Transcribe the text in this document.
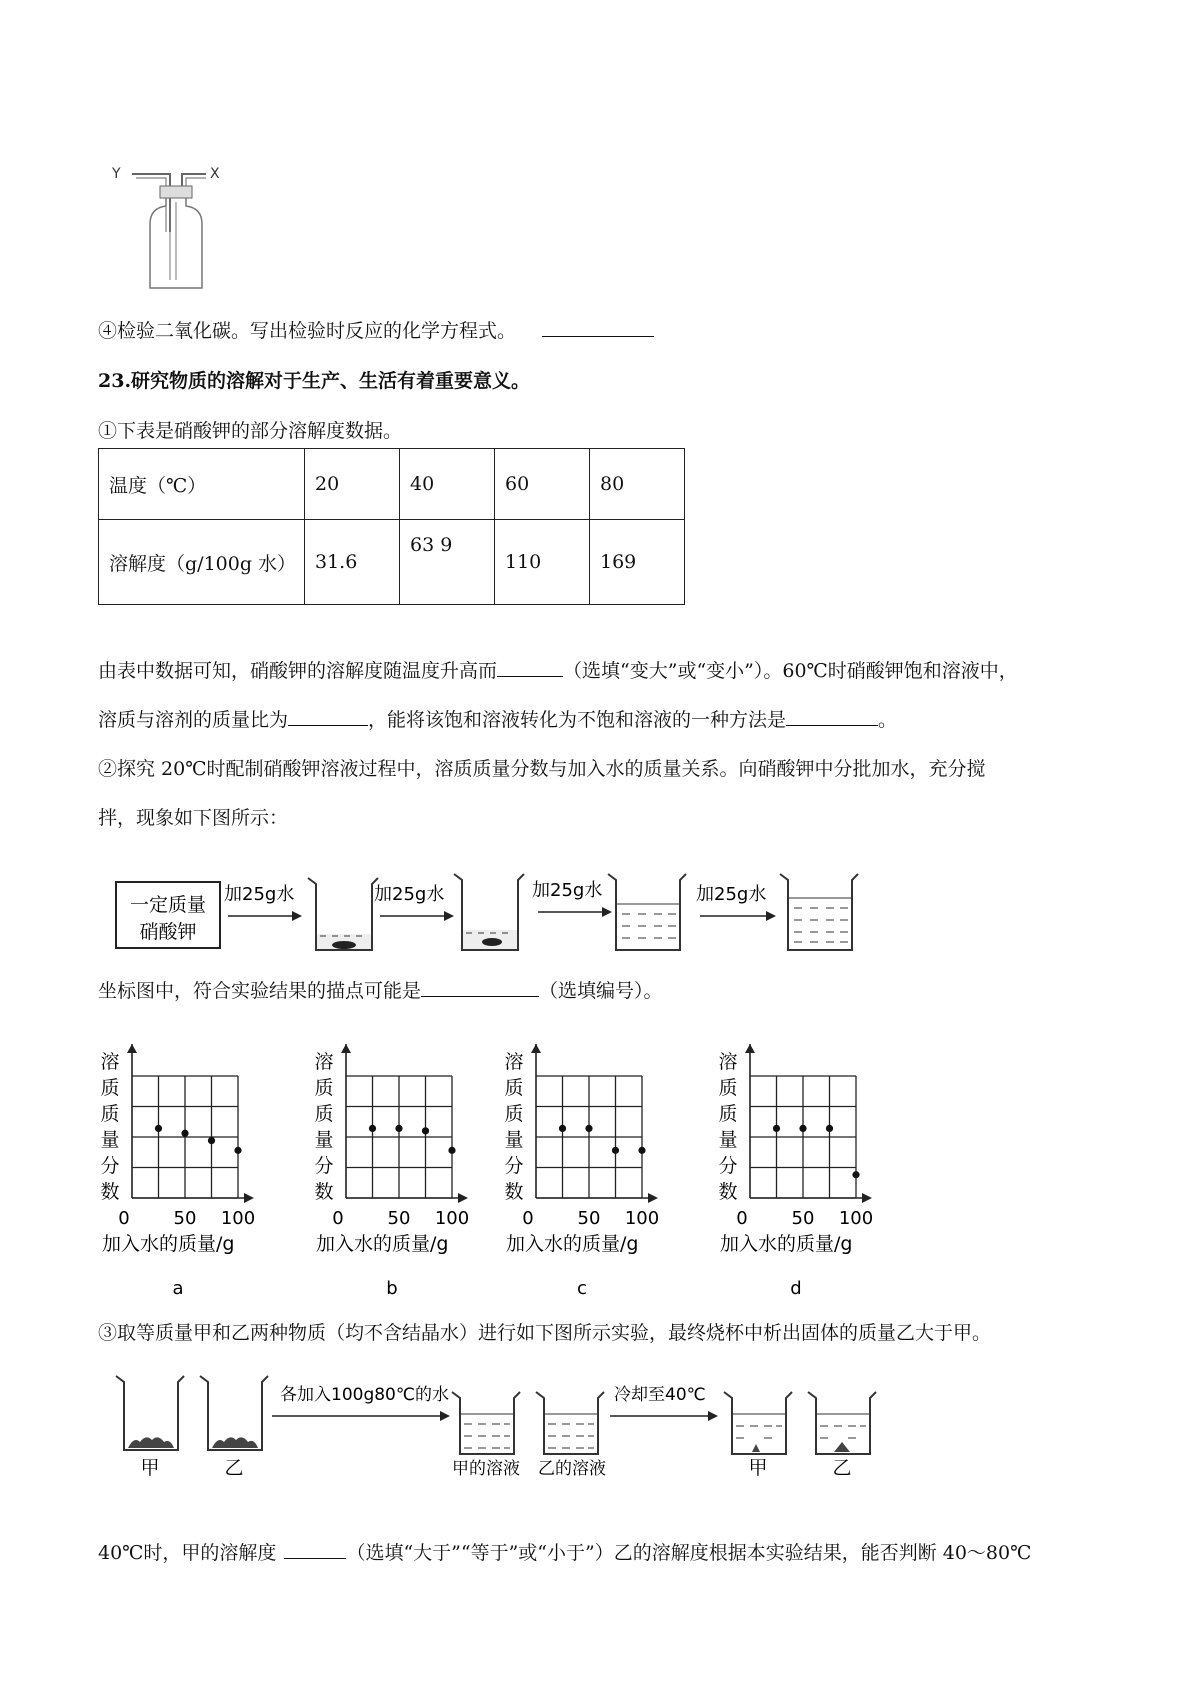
Y	X
④检验二氧化碳。写出检验时反应的化学方程式。
23.研究物质的溶解对于生产、生活有着重要意义。
①下表是硝酸钾的部分溶解度数据。
温度（℃）	20	40	60	80
溶解度（g/100g 水）	31.6	63 9	110	169
由表中数据可知，硝酸钾的溶解度随温度升高而	（选填“变大”或“变小”）。60℃时硝酸钾饱和溶液中，
溶质与溶剂的质量比为	，能将该饱和溶液转化为不饱和溶液的一种方法是	。
②探究 20℃时配制硝酸钾溶液过程中，溶质质量分数与加入水的质量关系。向硝酸钾中分批加水，充分搅
拌，现象如下图所示：
一定质量
硝酸钾
加25g水	加25g水	加25g水	加25g水
坐标图中，符合实验结果的描点可能是	（选填编号）。
溶
质
质
量
分
数
0 50 100
加入水的质量/g
a
溶
质
质
量
分
数
0 50 100
加入水的质量/g
b
溶
质
质
量
分
数
0 50 100
加入水的质量/g
c
溶
质
质
量
分
数
0 50 100
加入水的质量/g
d
③取等质量甲和乙两种物质（均不含结晶水）进行如下图所示实验，最终烧杯中析出固体的质量乙大于甲。
甲	乙
各加入100g80℃的水
甲的溶液 乙的溶液
冷却至40℃
甲	乙
40℃时，甲的溶解度	（选填“大于”“等于”或“小于”）乙的溶解度根据本实验结果，能否判断 40～80℃
